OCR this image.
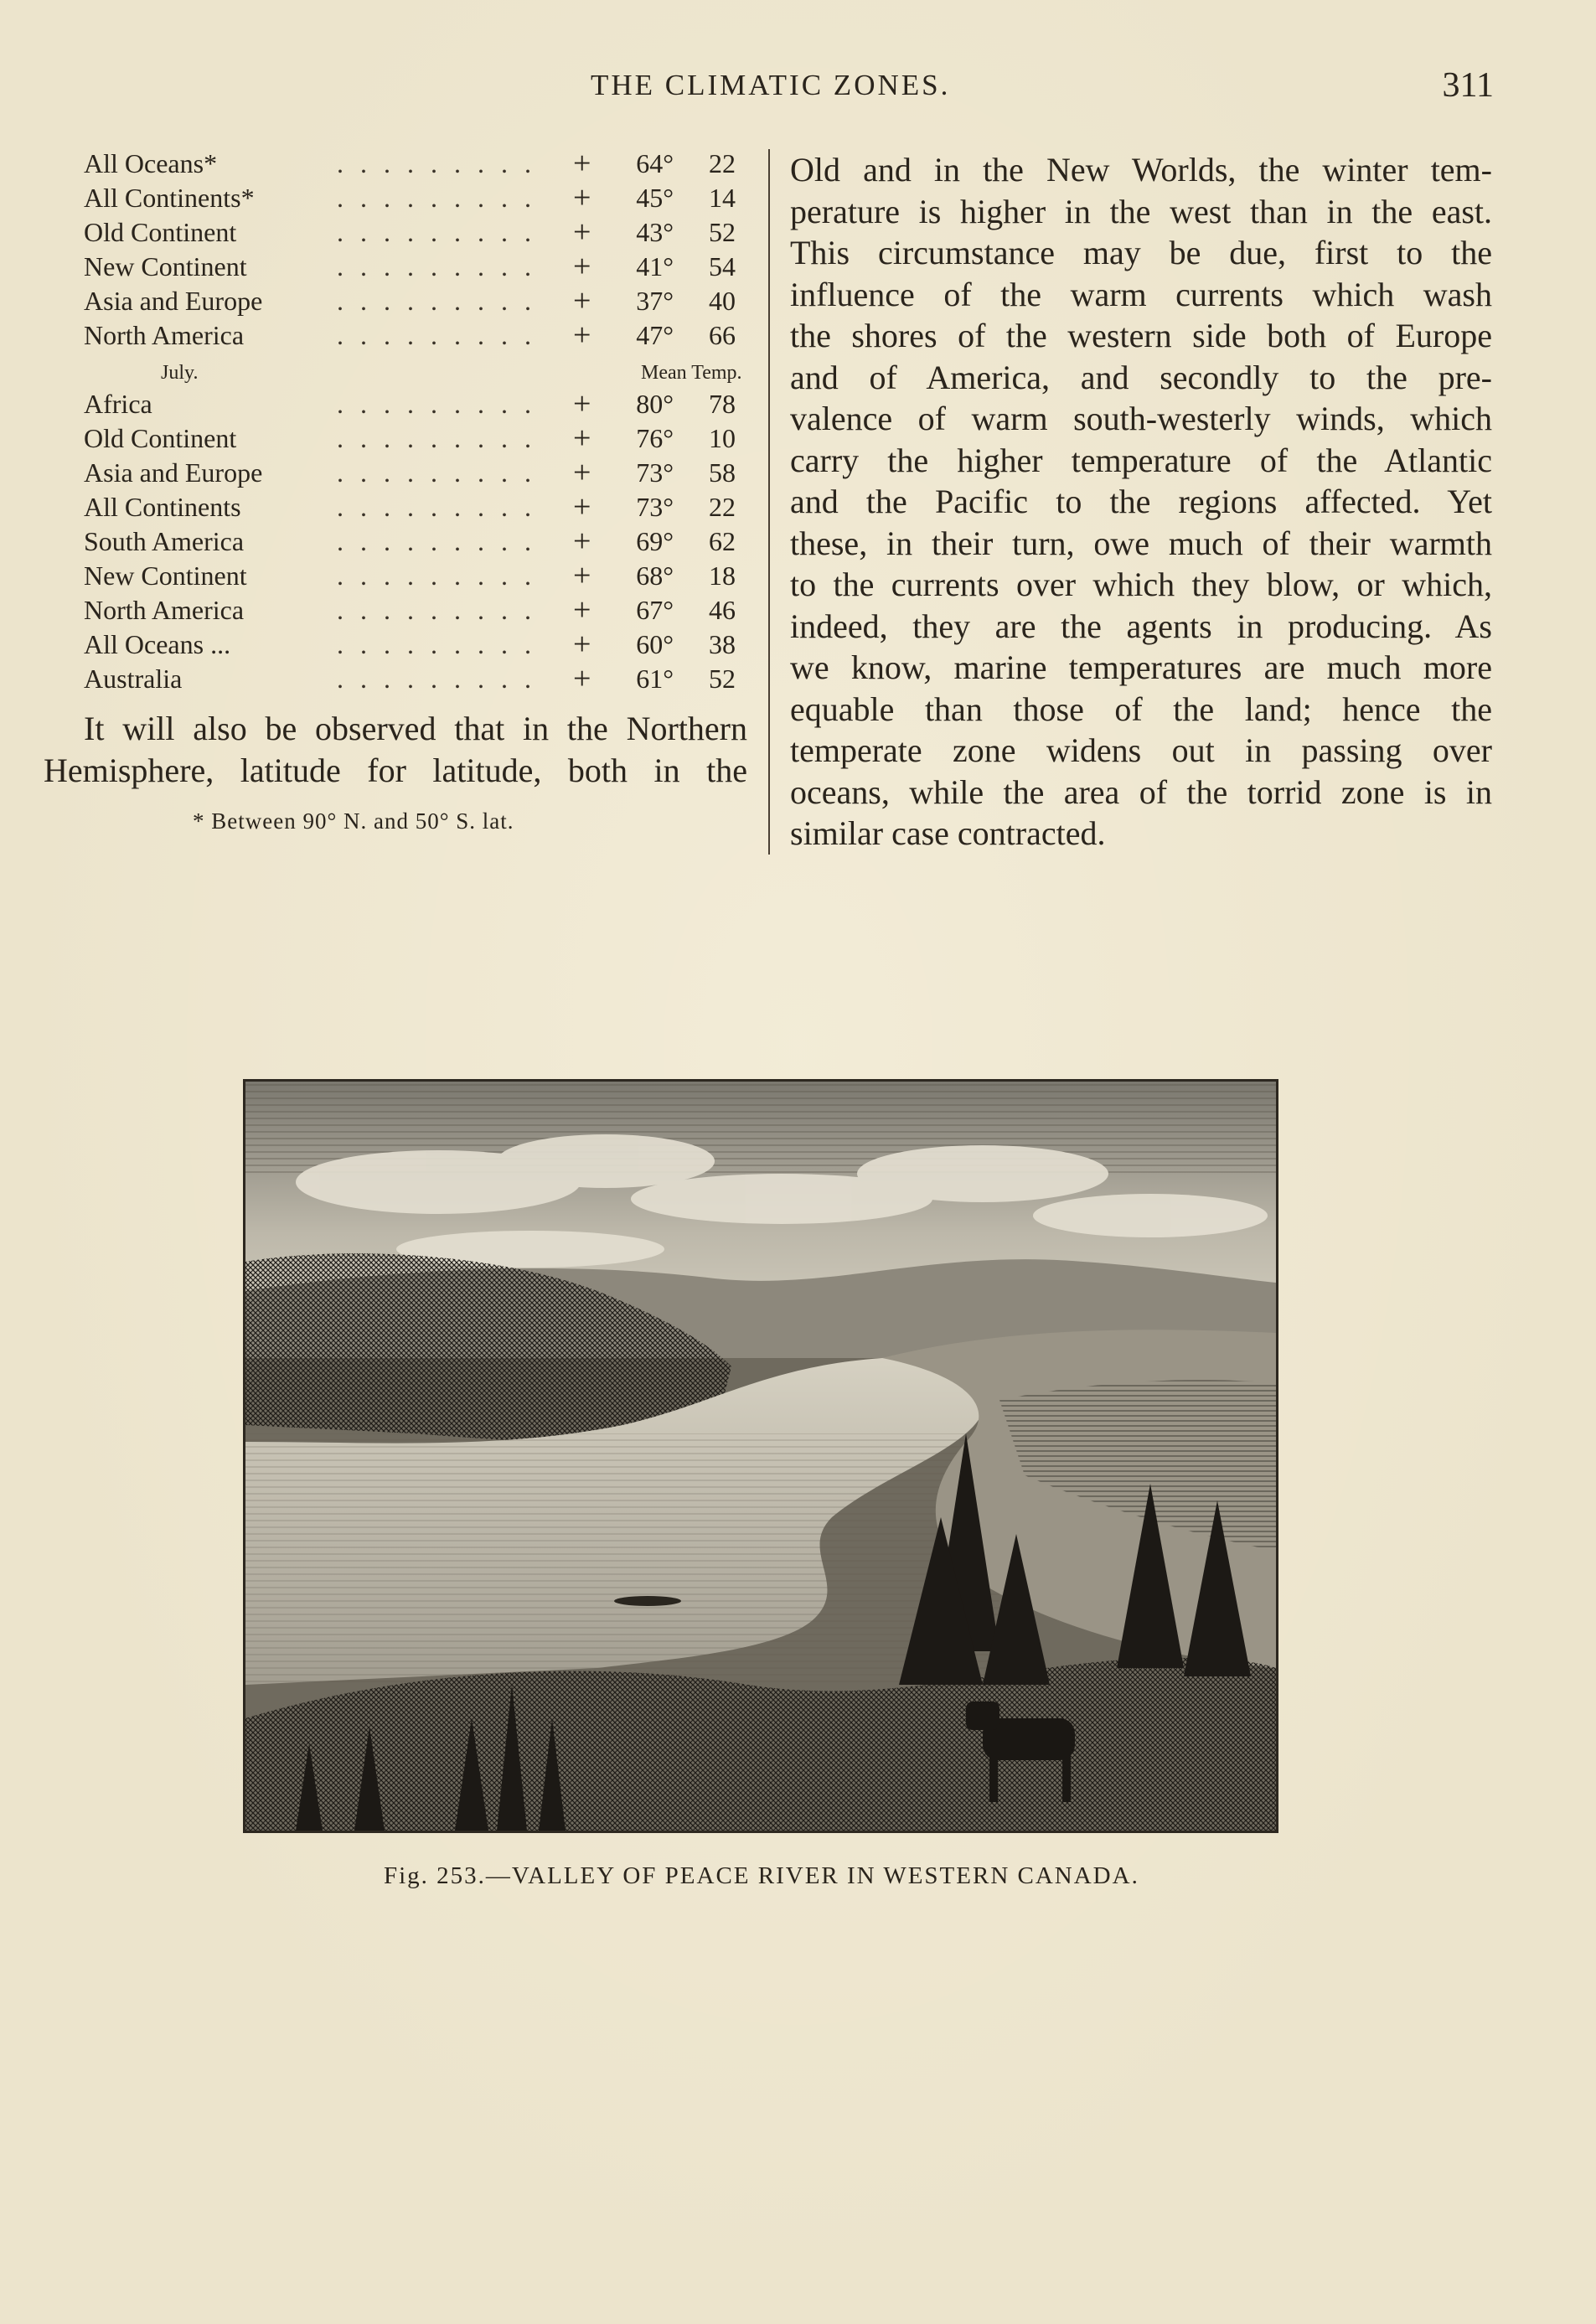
THE CLIMATIC ZONES.	311
All Oceans*	. . . . . . . . .	+	64°	22
All Continents*	. . . . . . . . .	+	45°	14
Old Continent	. . . . . . . . .	+	43°	52
New Continent	. . . . . . . . .	+	41°	54
Asia and Europe	. . . . . . . . .	+	37°	40
North America	. . . . . . . . .	+	47°	66
July.	Mean Temp.
Africa	. . . . . . . . .	+	80°	78
Old Continent	. . . . . . . . .	+	76°	10
Asia and Europe	. . . . . . . . .	+	73°	58
All Continents	. . . . . . . . .	+	73°	22
South America	. . . . . . . . .	+	69°	62
New Continent	. . . . . . . . .	+	68°	18
North America	. . . . . . . . .	+	67°	46
All Oceans ...	. . . . . . . . .	+	60°	38
Australia	. . . . . . . . .	+	61°	52
It will also be observed that in the Northern
Hemisphere, latitude for latitude, both in the
* Between 90° N. and 50° S. lat.
Old and in the New Worlds, the winter tem-
perature is higher in the west than in the east.
This circumstance may be due, first to the
influence of the warm currents which wash
the shores of the western side both of Europe
and of America, and secondly to the pre-
valence of warm south-westerly winds, which
carry the higher temperature of the Atlantic
and the Pacific to the regions affected. Yet
these, in their turn, owe much of their warmth
to the currents over which they blow, or which,
indeed, they are the agents in producing. As
we know, marine temperatures are much more
equable than those of the land; hence the
temperate zone widens out in passing over
oceans, while the area of the torrid zone is in
similar case contracted.
Fig. 253.—VALLEY OF PEACE RIVER IN WESTERN CANADA.
